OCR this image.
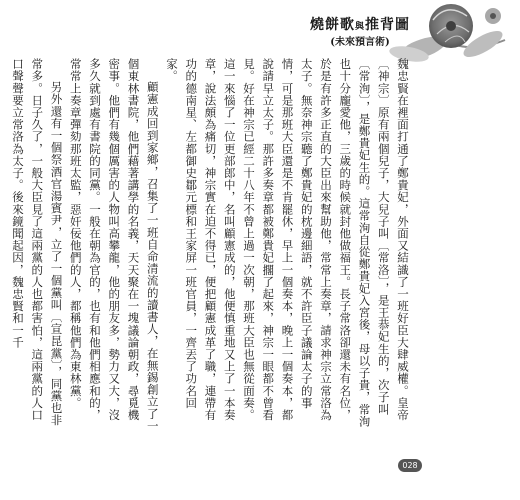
燒餅歌與推背圖
(未來預言術)

魏忠賢在裡面打通了鄭貴妃，外面又結識了一班好臣大肆威權。皇帝〔神宗〕原有兩個兒子，大兒子叫〔常洛〕，是王恭妃生的，次子叫〔常洵〕，是鄭貴妃生的。這常洵自從鄭貴妃入宮後，母以子貴，常洵也十分龐愛他，三歲的時候就封他做福王。長子常洛卻還未有名位，於是有許多正直的大臣出來幫助他，常常上奏章，請求神宗立常洛為太子。無奈神宗聽了鄭貴妃的枕邊細語，就不許臣子議論太子的事情，可是那班大臣還是不肯罷休，早上一個奏本，晚上一個奏本，都說請早立太子。那許多奏章都被鄭貴妃擱了起來，神宗一眼都不曾看見。好在神宗已經二十八年不曾上過一次朝，那班大臣也無從面奏。這一來惱了一位更部郎中，名叫顧憲成的，他便慎重地又上了一本奏章，說法頗為痛切，神宗實在迫不得已，便把顧憲成革了職，連帶有功的德南星、左都御史鄒元標和王家屏一班官員，一齊丟了功名回家。

顧憲成回到家鄉，召集了一班自命清流的讀書人，在無錫創立了一個東林書院，他們藉著講學的名義，天天聚在一塊議論朝政，尋覓機密事。他們有幾個厲害的人物叫高攀龍，他的朋友多，勢力又大，沒多久就到處有書院的同黨。一般在朝為官的，也有和他們相應和的，常常上奏章彈劾那班太監，惡奸佞他們的人，都稱他們為東林黨。

另外還有一個祭酒官湯賓尹，立了一個黨叫〔宣昆黨〕，同黨也非常多。日子久了，一般大臣見了這兩黨的人也都害怕，這兩黨的人口口聲聲要立常洛為太子。後來鏡聞起因，魏忠賢和一千

028
